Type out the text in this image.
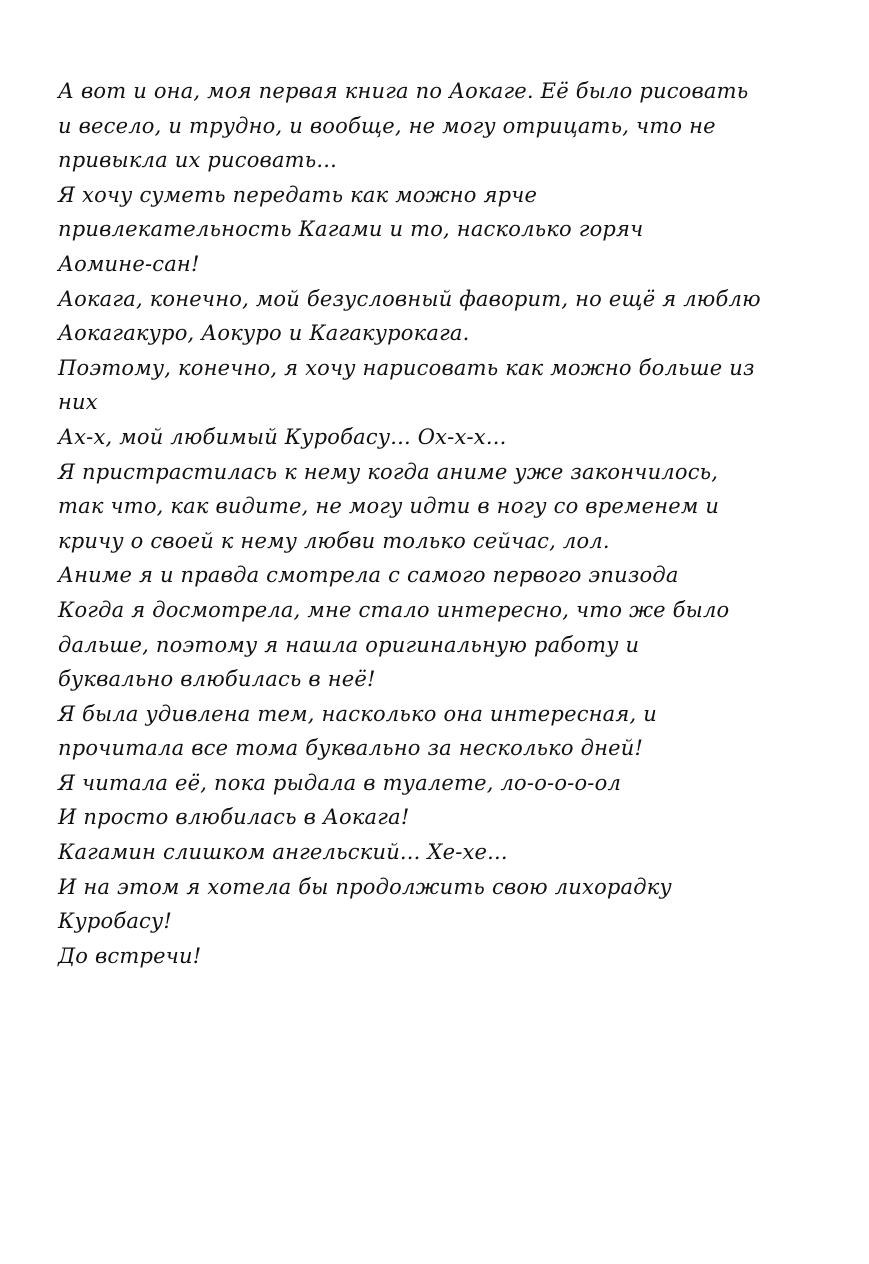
А вот и она, моя первая книга по Аокаге. Её было рисовать
и весело, и трудно, и вообще, не могу отрицать, что не
привыкла их рисовать...
Я хочу суметь передать как можно ярче
привлекательность Кагами и то, насколько горяч
Аомине-сан!
Аокага, конечно, мой безусловный фаворит, но ещё я люблю
Аокагакуро, Аокуро и Кагакурокага.
Поэтому, конечно, я хочу нарисовать как можно больше из
них
Ах-х, мой любимый Куробасу... Ох-х-х...
Я пристрастилась к нему когда аниме уже закончилось,
так что, как видите, не могу идти в ногу со временем и
кричу о своей к нему любви только сейчас, лол.
Аниме я и правда смотрела с самого первого эпизода
Когда я досмотрела, мне стало интересно, что же было
дальше, поэтому я нашла оригинальную работу и
буквально влюбилась в неё!
Я была удивлена тем, насколько она интересная, и
прочитала все тома буквально за несколько дней!
Я читала её, пока рыдала в туалете, ло-о-о-о-ол
И просто влюбилась в Аокага!
Кагамин слишком ангельский... Хе-хе...
И на этом я хотела бы продолжить свою лихорадку
Куробасу!
До встречи!
